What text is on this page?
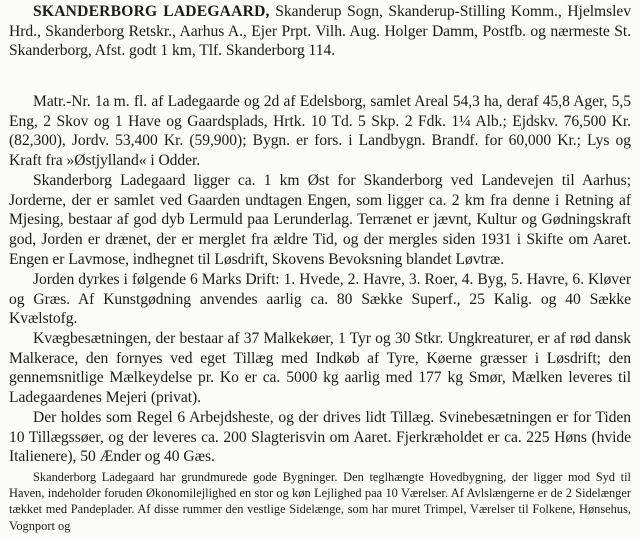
SKANDERBORG LADEGAARD, Skanderup Sogn, Skanderup-Stilling Komm., Hjelmslev Hrd., Skanderborg Retskr., Aarhus A., Ejer Prpt. Vilh. Aug. Holger Damm, Postfb. og nærmeste St. Skanderborg, Afst. godt 1 km, Tlf. Skanderborg 114.

Matr.-Nr. 1a m. fl. af Ladegaarde og 2d af Edelsborg, samlet Areal 54,3 ha, deraf 45,8 Ager, 5,5 Eng, 2 Skov og 1 Have og Gaardsplads, Hrtk. 10 Td. 5 Skp. 2 Fdk. 1¼ Alb.; Ejdskv. 76,500 Kr. (82,300), Jordv. 53,400 Kr. (59,900); Bygn. er fors. i Landbygn. Brandf. for 60,000 Kr.; Lys og Kraft fra »Østjylland« i Odder.

Skanderborg Ladegaard ligger ca. 1 km Øst for Skanderborg ved Landevejen til Aarhus; Jorderne, der er samlet ved Gaarden undtagen Engen, som ligger ca. 2 km fra denne i Retning af Mjesing, bestaar af god dyb Lermuld paa Lerunderlag. Terrænet er jævnt, Kultur og Gødningskraft god, Jorden er drænet, der er merglet fra ældre Tid, og der mergles siden 1931 i Skifte om Aaret. Engen er Lavmose, indhegnet til Løsdrift, Skovens Bevoksning blandet Løvtræ.

Jorden dyrkes i følgende 6 Marks Drift: 1. Hvede, 2. Havre, 3. Roer, 4. Byg, 5. Havre, 6. Kløver og Græs. Af Kunstgødning anvendes aarlig ca. 80 Sække Superf., 25 Kalig. og 40 Sække Kvælstofg.

Kvægbesætningen, der bestaar af 37 Malkekøer, 1 Tyr og 30 Stkr. Ungkreaturer, er af rød dansk Malkerace, den fornyes ved eget Tillæg med Indkøb af Tyre, Køerne græsser i Løsdrift; den gennemsnitlige Mælkeydelse pr. Ko er ca. 5000 kg aarlig med 177 kg Smør, Mælken leveres til Ladegaardenes Mejeri (privat).

Der holdes som Regel 6 Arbejdsheste, og der drives lidt Tillæg. Svinebesætningen er for Tiden 10 Tillægssøer, og der leveres ca. 200 Slagterisvin om Aaret. Fjerkræholdet er ca. 225 Høns (hvide Italienere), 50 Ænder og 40 Gæs.

Skanderborg Ladegaard har grundmurede gode Bygninger. Den teglhængte Hovedbygning, der ligger mod Syd til Haven, indeholder foruden Økonomilejlighed en stor og køn Lejlighed paa 10 Værelser. Af Avlslængerne er de 2 Sidelænger tækket med Pandeplader. Af disse rummer den vestlige Sidelænge, som har muret Trimpel, Værelser til Folkene, Hønsehus, Vognport og
